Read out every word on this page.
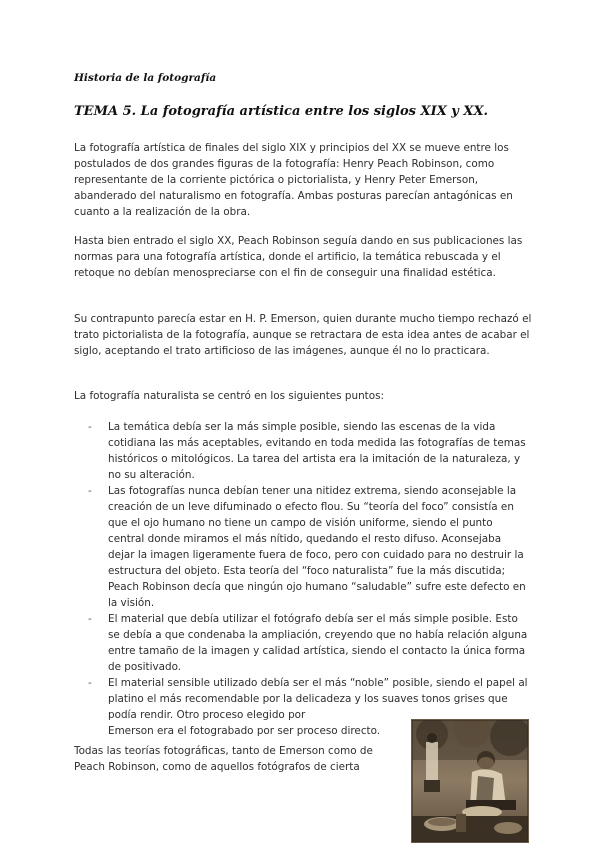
Historia de la fotografía
TEMA 5. La fotografía artística entre los siglos XIX y XX.
La fotografía artística de finales del siglo XIX y principios del XX se mueve entre los postulados de dos grandes figuras de la fotografía: Henry Peach Robinson, como representante de la corriente pictórica o pictorialista, y Henry Peter Emerson, abanderado del naturalismo en fotografía. Ambas posturas parecían antagónicas en cuanto a la realización de la obra.
Hasta bien entrado el siglo XX, Peach Robinson seguía dando en sus publicaciones las normas para una fotografía artística, donde el artificio, la temática rebuscada y el retoque no debían menospreciarse con el fin de conseguir una finalidad estética.
Su contrapunto parecía estar en H. P. Emerson, quien durante mucho tiempo rechazó el trato pictorialista de la fotografía, aunque se retractara de esta idea antes de acabar el siglo, aceptando el trato artificioso de las imágenes, aunque él no lo practicara.
La fotografía naturalista se centró en los siguientes puntos:
- La temática debía ser la más simple posible, siendo las escenas de la vida cotidiana las más aceptables, evitando en toda medida las fotografías de temas históricos o mitológicos. La tarea del artista era la imitación de la naturaleza, y no su alteración.
- Las fotografías nunca debían tener una nitidez extrema, siendo aconsejable la creación de un leve difuminado o efecto flou. Su “teoría del foco” consistía en que el ojo humano no tiene un campo de visión uniforme, siendo el punto central donde miramos el más nítido, quedando el resto difuso. Aconsejaba dejar la imagen ligeramente fuera de foco, pero con cuidado para no destruir la estructura del objeto. Esta teoría del “foco naturalista” fue la más discutida; Peach Robinson decía que ningún ojo humano “saludable” sufre este defecto en la visión.
- El material que debía utilizar el fotógrafo debía ser el más simple posible. Esto se debía a que condenaba la ampliación, creyendo que no había relación alguna entre tamaño de la imagen y calidad artística, siendo el contacto la única forma de positivado.
- El material sensible utilizado debía ser el más “noble” posible, siendo el papel al platino el más recomendable por la delicadeza y los suaves tonos grises que podía rendir. Otro proceso elegido por
Emerson era el fotograbado por ser proceso directo.
Todas las teorías fotográficas, tanto de Emerson como de Peach Robinson, como de aquellos fotógrafos de cierta
